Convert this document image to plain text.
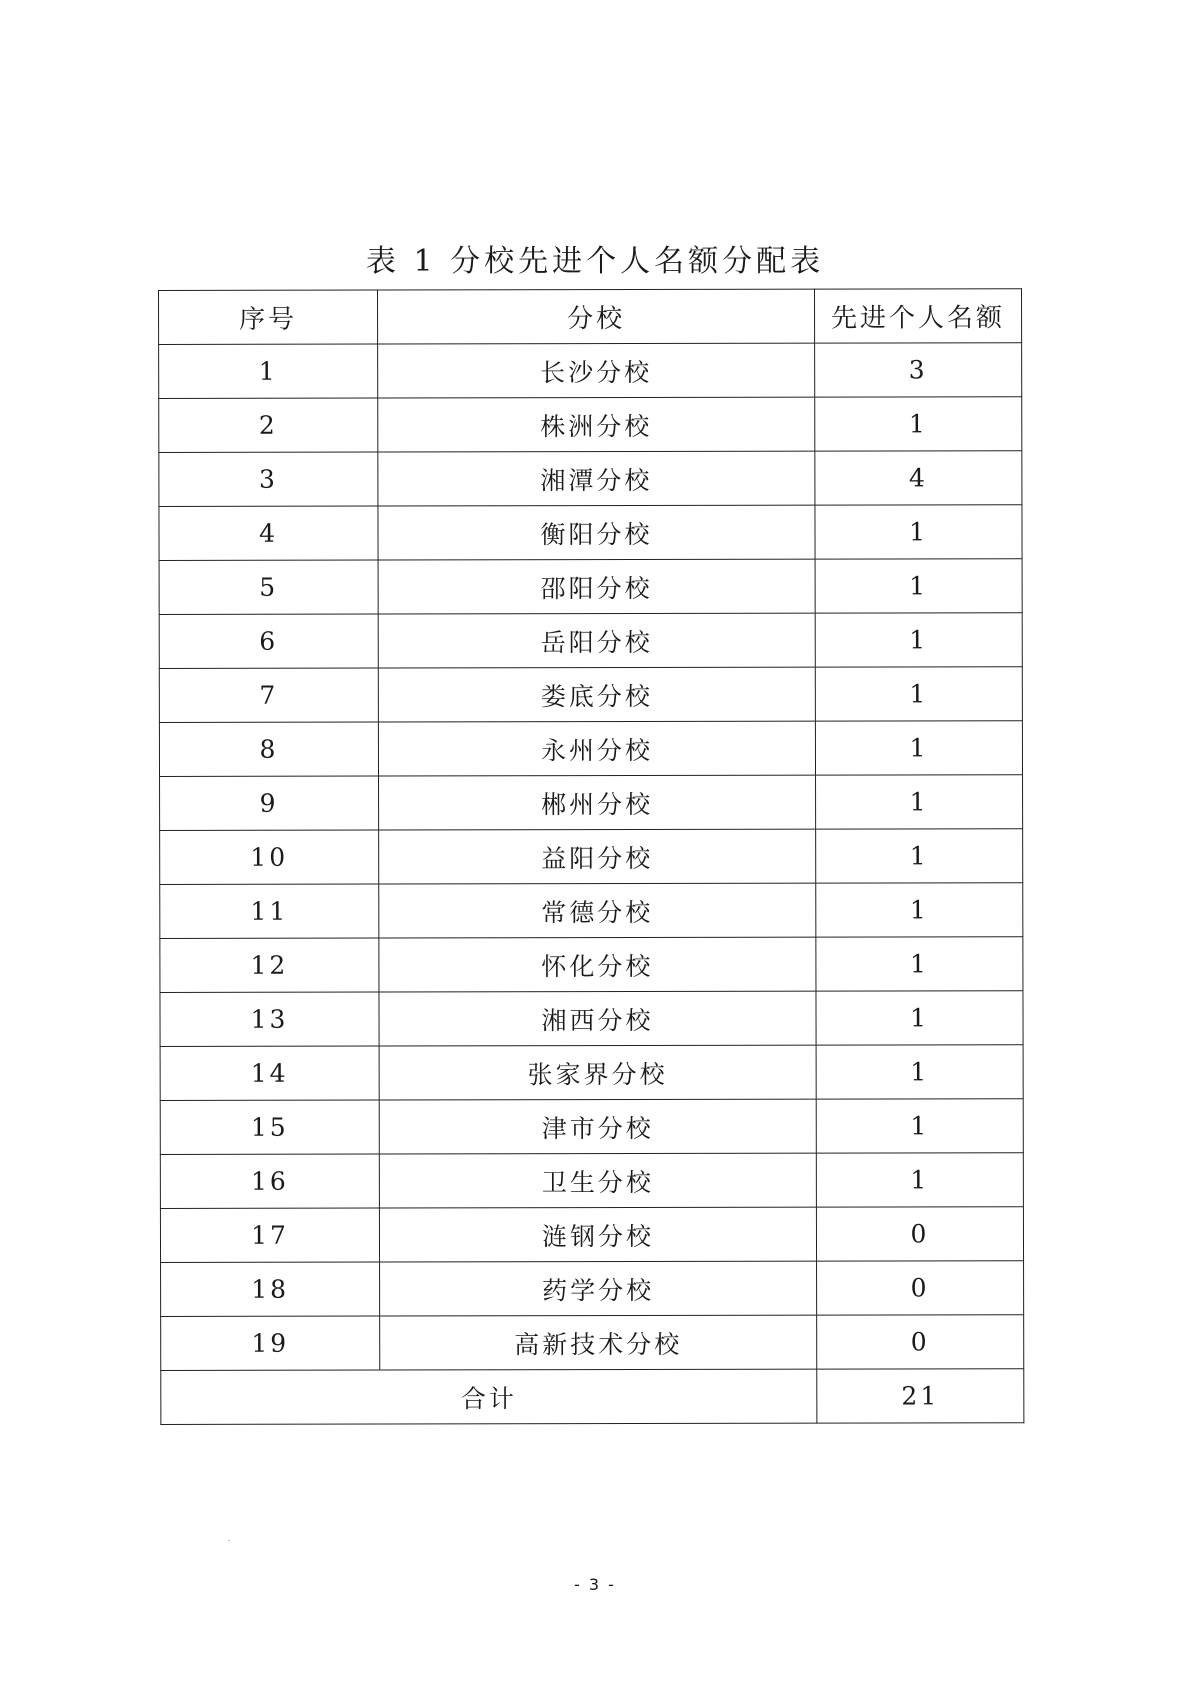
表 1 分校先进个人名额分配表
序号	分校	先进个人名额
1	长沙分校	3
2	株洲分校	1
3	湘潭分校	4
4	衡阳分校	1
5	邵阳分校	1
6	岳阳分校	1
7	娄底分校	1
8	永州分校	1
9	郴州分校	1
10	益阳分校	1
11	常德分校	1
12	怀化分校	1
13	湘西分校	1
14	张家界分校	1
15	津市分校	1
16	卫生分校	1
17	涟钢分校	0
18	药学分校	0
19	高新技术分校	0
合计		21
- 3 -
